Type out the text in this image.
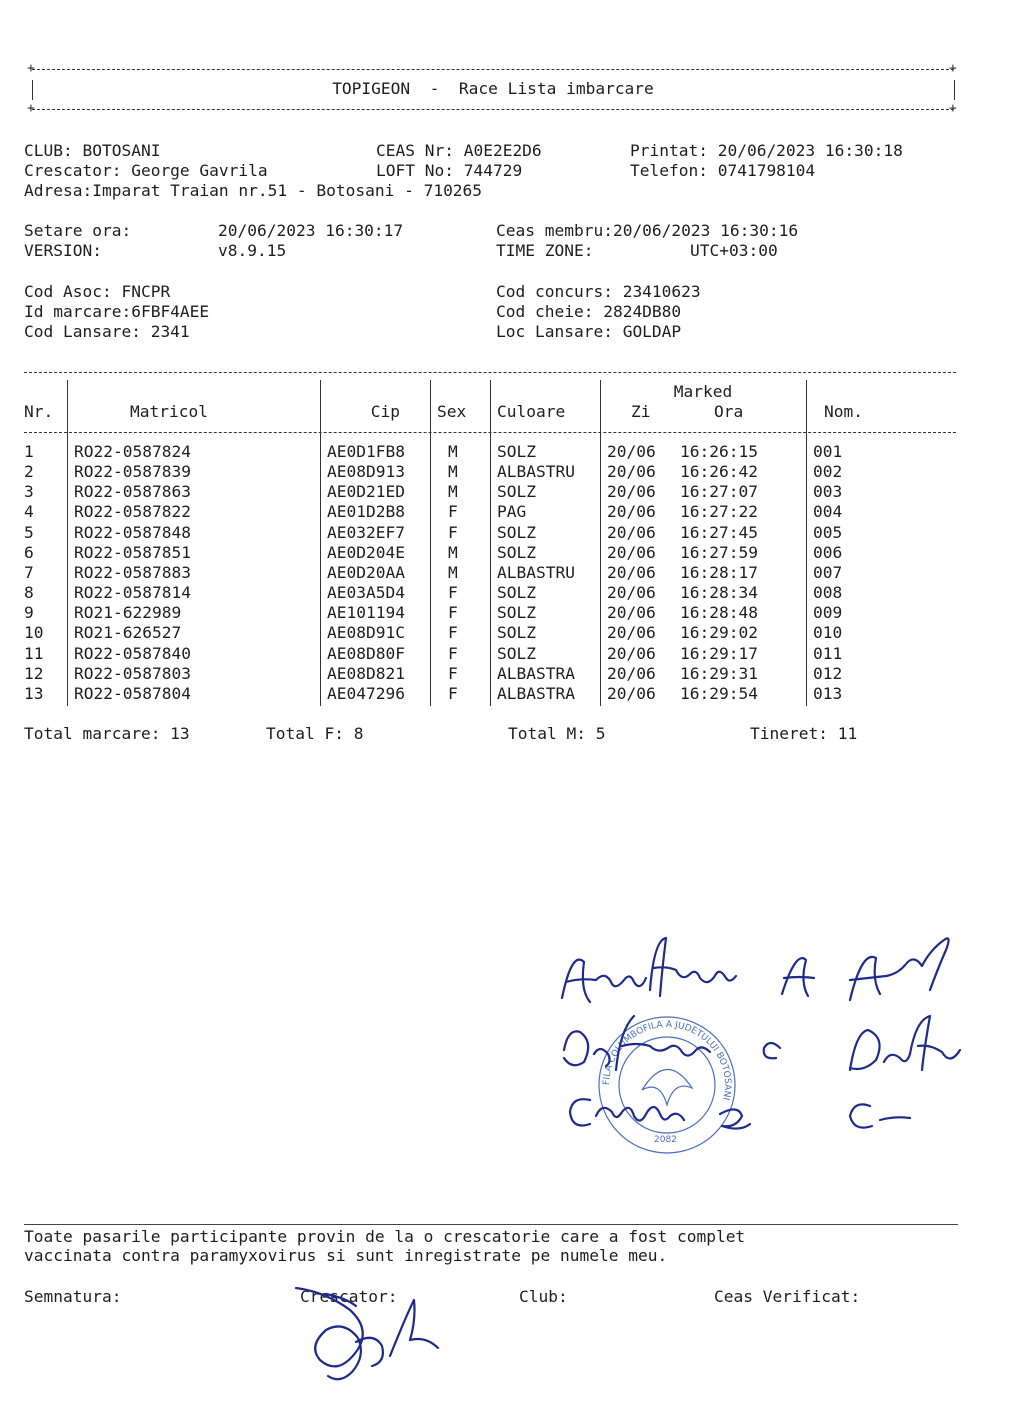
+	+
+	+
TOPIGEON  -  Race Lista imbarcare
CLUB: BOTOSANI	CEAS Nr: A0E2E2D6	Printat: 20/06/2023 16:30:18
Crescator: George Gavrila	LOFT No: 744729	Telefon: 0741798104
Adresa:Imparat Traian nr.51 - Botosani - 710265
Setare ora:	20/06/2023 16:30:17	Ceas membru:20/06/2023 16:30:16
VERSION:	v8.9.15	TIME ZONE:	UTC+03:00
Cod Asoc: FNCPR	Cod concurs: 23410623
Id marcare:6FBF4AEE	Cod cheie: 2824DB80
Cod Lansare: 2341	Loc Lansare: GOLDAP
Nr.	Matricol	Cip Sex Culoare
Marked
Zi	Ora	Nom.
1 RO22-0587824	AE0D1FB8	M SOLZ	20/06 16:26:15	001
2 RO22-0587839	AE08D913	M ALBASTRU 20/06 16:26:42	002
3 RO22-0587863	AE0D21ED	M SOLZ	20/06 16:27:07	003
4 RO22-0587822	AE01D2B8	F PAG	20/06 16:27:22	004
5 RO22-0587848	AE032EF7	F SOLZ	20/06 16:27:45	005
6 RO22-0587851	AE0D204E	M SOLZ	20/06 16:27:59	006
7 RO22-0587883	AE0D20AA	M ALBASTRU 20/06 16:28:17	007
8 RO22-0587814	AE03A5D4	F SOLZ	20/06 16:28:34	008
9 RO21-622989	AE101194	F SOLZ	20/06 16:28:48	009
10 RO21-626527	AE08D91C	F SOLZ	20/06 16:29:02	010
11 RO22-0587840	AE08D80F	F SOLZ	20/06 16:29:17	011
12 RO22-0587803	AE08D821	F ALBASTRA 20/06 16:29:31	012
13 RO22-0587804	AE047296	F ALBASTRA 20/06 16:29:54	013
Total marcare: 13	Total F: 8	Total M: 5	Tineret: 11
FILA COLUMBOFILA A JUDETULUI BOTOSANI
2082
Toate pasarile participante provin de la o crescatorie care a fost complet
vaccinata contra paramyxovirus si sunt inregistrate pe numele meu.
Semnatura:	Crescator:	Club:	Ceas Verificat:
